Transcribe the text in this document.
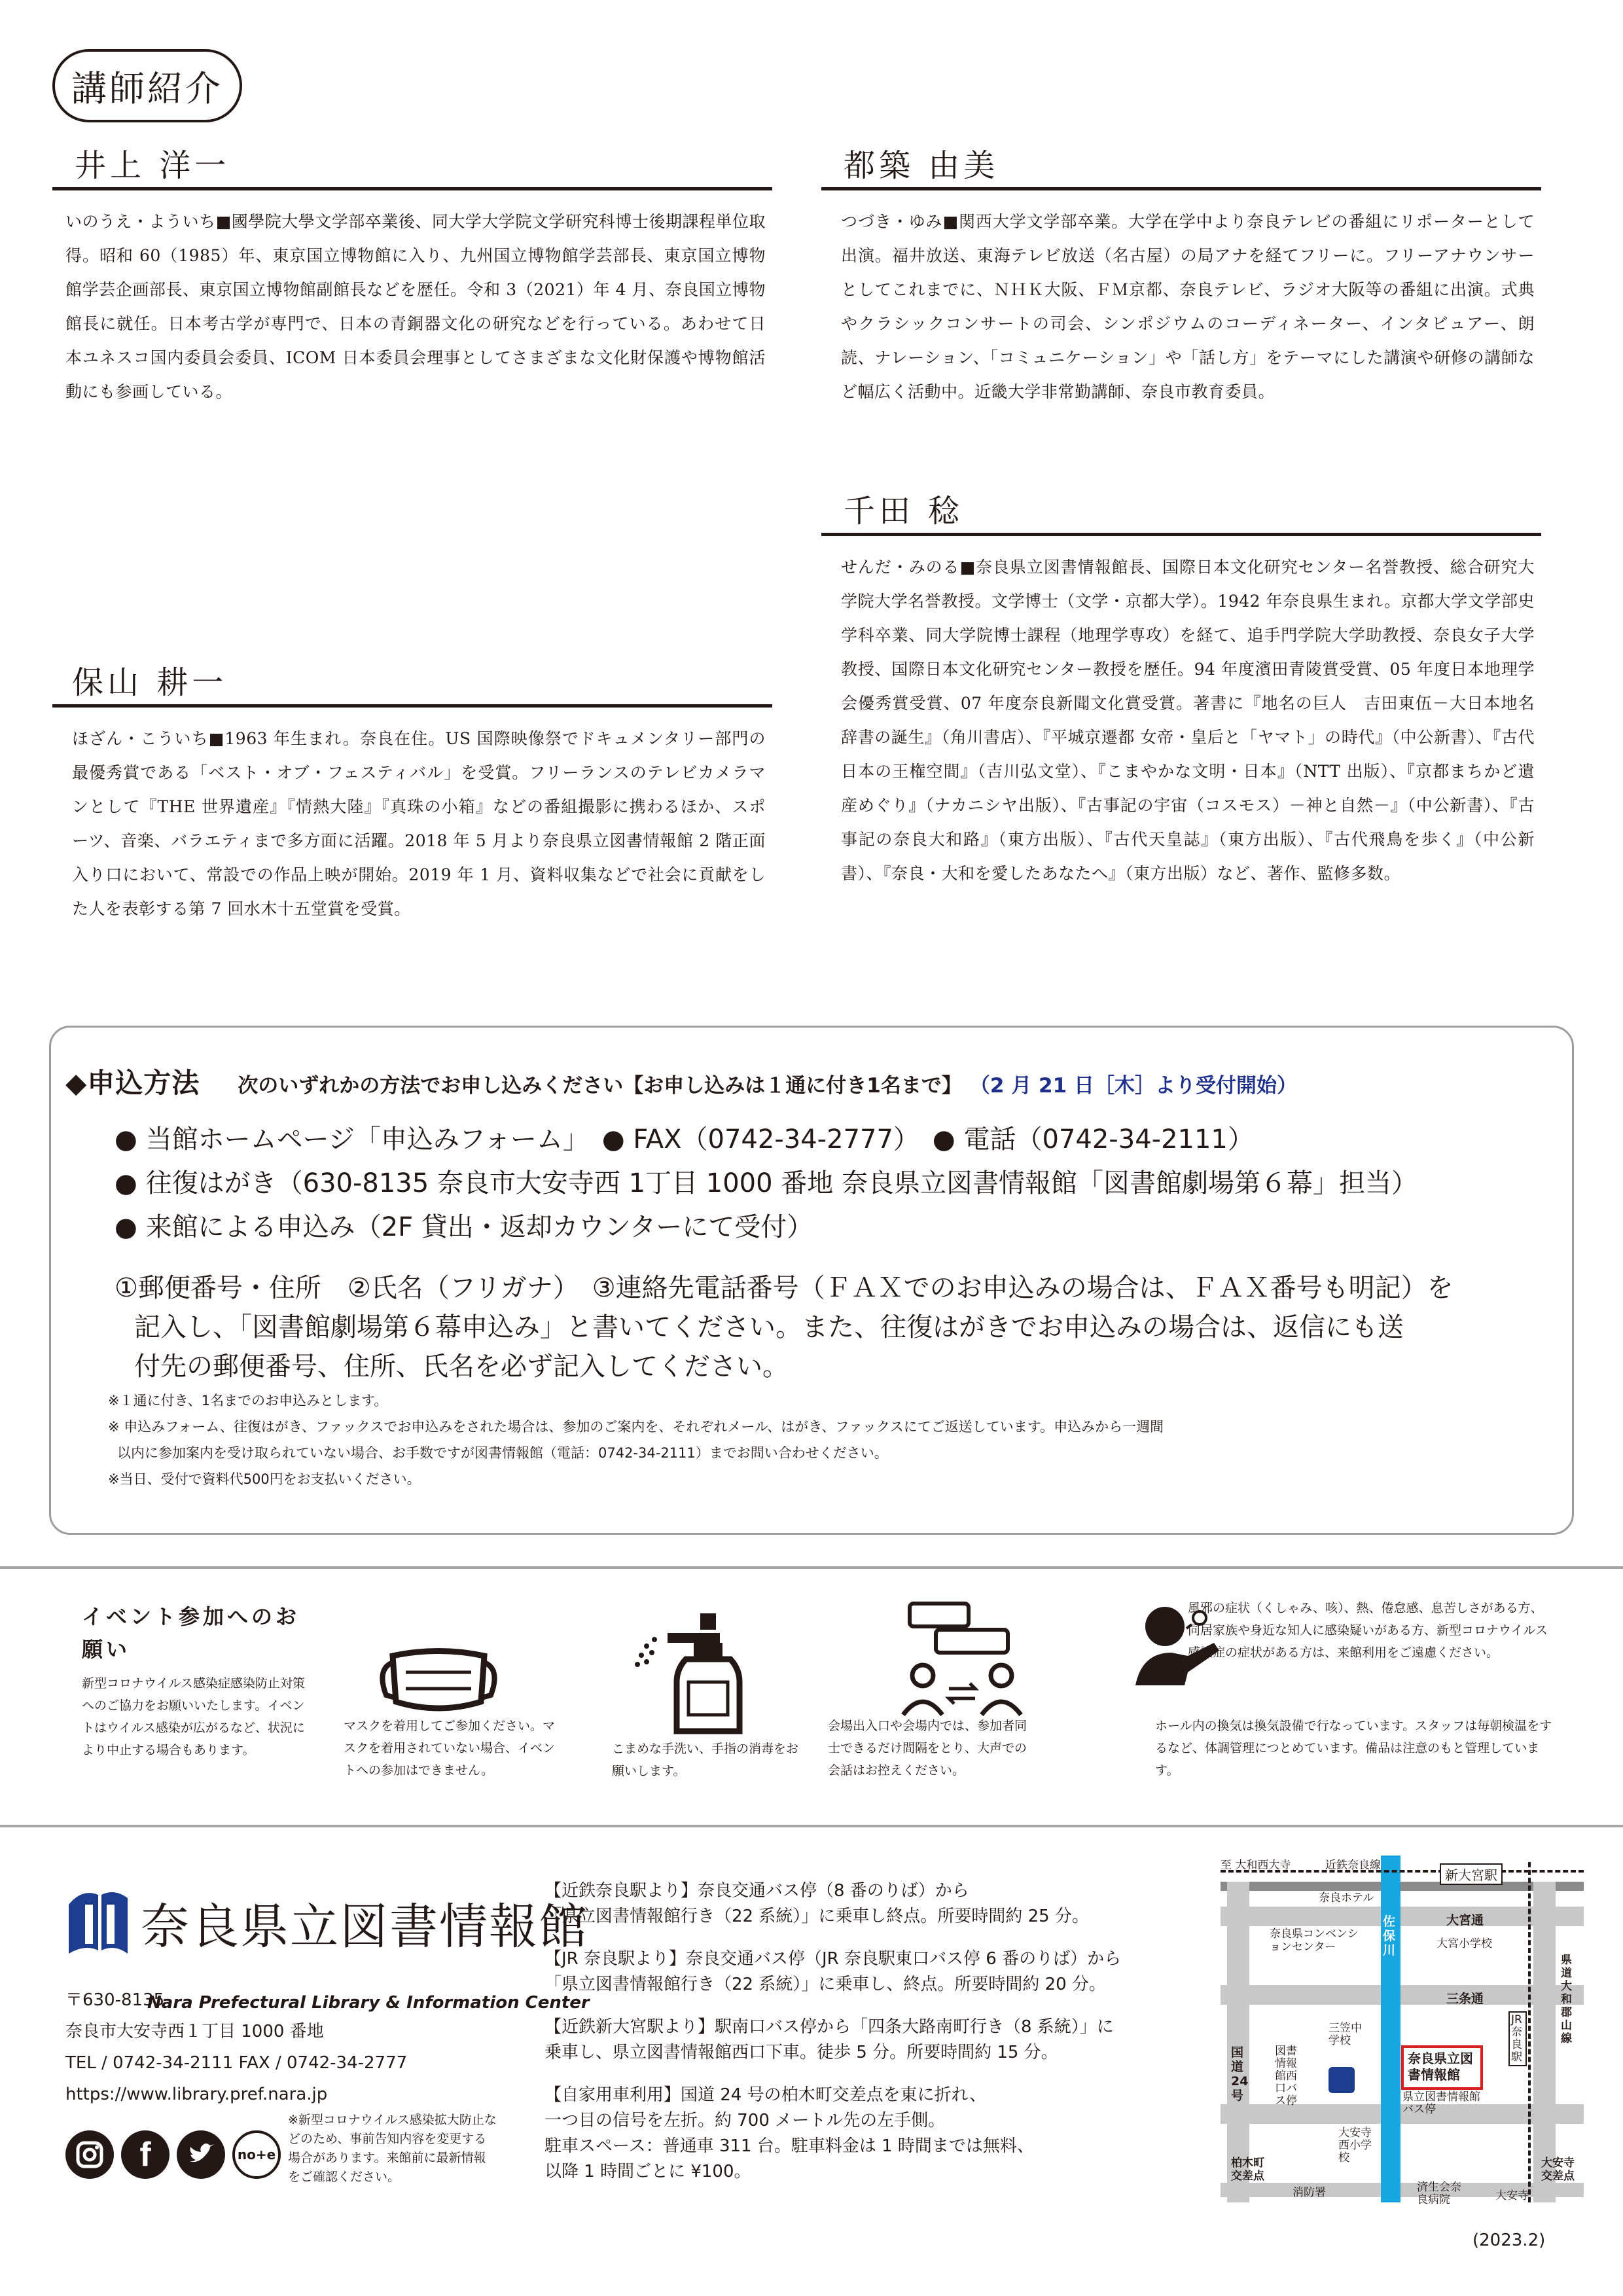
講師紹介
井上 洋一
いのうえ・よういち■國學院大學文学部卒業後、同大学大学院文学研究科博士後期課程単位取得。昭和 60（1985）年、東京国立博物館に入り、九州国立博物館学芸部長、東京国立博物館学芸企画部長、東京国立博物館副館長などを歴任。令和 3（2021）年 4 月、奈良国立博物館長に就任。日本考古学が専門で、日本の青銅器文化の研究などを行っている。あわせて日本ユネスコ国内委員会委員、ICOM 日本委員会理事としてさまざまな文化財保護や博物館活動にも参画している。
都築 由美
つづき・ゆみ■関西大学文学部卒業。大学在学中より奈良テレビの番組にリポーターとして出演。福井放送、東海テレビ放送（名古屋）の局アナを経てフリーに。フリーアナウンサーとしてこれまでに、ＮＨＫ大阪、ＦＭ京都、奈良テレビ、ラジオ大阪等の番組に出演。式典やクラシックコンサートの司会、シンポジウムのコーディネーター、インタビュアー、朗読、ナレーション、「コミュニケーション」や「話し方」をテーマにした講演や研修の講師など幅広く活動中。近畿大学非常勤講師、奈良市教育委員。
千田 稔
せんだ・みのる■奈良県立図書情報館長、国際日本文化研究センター名誉教授、総合研究大学院大学名誉教授。文学博士（文学・京都大学）。1942 年奈良県生まれ。京都大学文学部史学科卒業、同大学院博士課程（地理学専攻）を経て、追手門学院大学助教授、奈良女子大学教授、国際日本文化研究センター教授を歴任。94 年度濱田青陵賞受賞、05 年度日本地理学会優秀賞受賞、07 年度奈良新聞文化賞受賞。著書に『地名の巨人　吉田東伍－大日本地名辞書の誕生』（角川書店）、『平城京遷都 女帝・皇后と「ヤマト」の時代』（中公新書）、『古代日本の王権空間』（吉川弘文堂）、『こまやかな文明・日本』（NTT 出版）、『京都まちかど遺産めぐり』（ナカニシヤ出版）、『古事記の宇宙（コスモス）－神と自然－』（中公新書）、『古事記の奈良大和路』（東方出版）、『古代天皇誌』（東方出版）、『古代飛鳥を歩く』（中公新書）、『奈良・大和を愛したあなたへ』（東方出版）など、著作、監修多数。
保山 耕一
ほざん・こういち■1963 年生まれ。奈良在住。US 国際映像祭でドキュメンタリー部門の最優秀賞である「ベスト・オブ・フェスティバル」を受賞。フリーランスのテレビカメラマンとして『THE 世界遺産』『情熱大陸』『真珠の小箱』などの番組撮影に携わるほか、スポーツ、音楽、バラエティまで多方面に活躍。2018 年 5 月より奈良県立図書情報館 2 階正面入り口において、常設での作品上映が開始。2019 年 1 月、資料収集などで社会に貢献をした人を表彰する第 7 回水木十五堂賞を受賞。
◆申込方法 次のいずれかの方法でお申し込みください【お申し込みは１通に付き1名まで】 （2 月 21 日［木］より受付開始）
● 当館ホームページ「申込みフォーム」　● FAX（0742-34-2777）　● 電話（0742-34-2111）
● 往復はがき（630-8135 奈良市大安寺西 1丁目 1000 番地 奈良県立図書情報館「図書館劇場第６幕」担当）
● 来館による申込み（2F 貸出・返却カウンターにて受付）
①郵便番号・住所　②氏名（フリガナ）　③連絡先電話番号（ＦＡＸでのお申込みの場合は、ＦＡＸ番号も明記）を
記入し、「図書館劇場第６幕申込み」と書いてください。また、往復はがきでお申込みの場合は、返信にも送
付先の郵便番号、住所、氏名を必ず記入してください。
※１通に付き、1名までのお申込みとします。
※ 申込みフォーム、往復はがき、ファックスでお申込みをされた場合は、参加のご案内を、それぞれメール、はがき、ファックスにてご返送しています。申込みから一週間
以内に参加案内を受け取られていない場合、お手数ですが図書情報館（電話：0742-34-2111）までお問い合わせください。
※当日、受付で資料代500円をお支払いください。
イベント参加へのお願い
新型コロナウイルス感染症感染防止対策へのご協力をお願いいたします。イベントはウイルス感染が広がるなど、状況により中止する場合もあります。
マスクを着用してご参加ください。マスクを着用されていない場合、イベントへの参加はできません。
こまめな手洗い、手指の消毒をお願いします。
会場出入口や会場内では、参加者同士できるだけ間隔をとり、大声での会話はお控えください。
風邪の症状（くしゃみ、咳）、熱、倦怠感、息苦しさがある方、同居家族や身近な知人に感染疑いがある方、新型コロナウイルス感染症の症状がある方は、来館利用をご遠慮ください。
ホール内の換気は換気設備で行なっています。スタッフは毎朝検温をするなど、体調管理につとめています。備品は注意のもと管理しています。
奈良県立図書情報館
Nara Prefectural Library & Information Center
〒630-8135
奈良市大安寺西１丁目 1000 番地
TEL / 0742-34-2111 FAX / 0742-34-2777
https://www.library.pref.nara.jp
f	no+e
※新型コロナウイルス感染拡大防止などのため、事前告知内容を変更する場合があります。来館前に最新情報をご確認ください。
【近鉄奈良駅より】奈良交通バス停（8 番のりば）から
「県立図書情報館行き（22 系統）」に乗車し終点。所要時間約 25 分。
【JR 奈良駅より】奈良交通バス停（JR 奈良駅東口バス停 6 番のりば）から
「県立図書情報館行き（22 系統）」に乗車し、終点。所要時間約 20 分。
【近鉄新大宮駅より】駅南口バス停から「四条大路南町行き（8 系統）」に
乗車し、県立図書情報館西口下車。徒歩 5 分。所要時間約 15 分。
【自家用車利用】国道 24 号の柏木町交差点を東に折れ、
一つ目の信号を左折。約 700 メートル先の左手側。
駐車スペース：普通車 311 台。駐車料金は 1 時間までは無料、
以降 1 時間ごとに ¥100。
至 大和西大寺	近鉄奈良線
奈良ホテル
新大宮駅
大宮通
大宮小学校
奈良県コンベンションセンター
佐保川
三条通
JR奈良駅
国道24号
三笠中学校
図書情報館西口バス停
奈良県立図書情報館
県立図書情報館バス停
大安寺西小学校
県道大和郡山線
柏木町交差点
消防署	済生会奈良病院	大安寺
大安寺交差点
(2023.2)
